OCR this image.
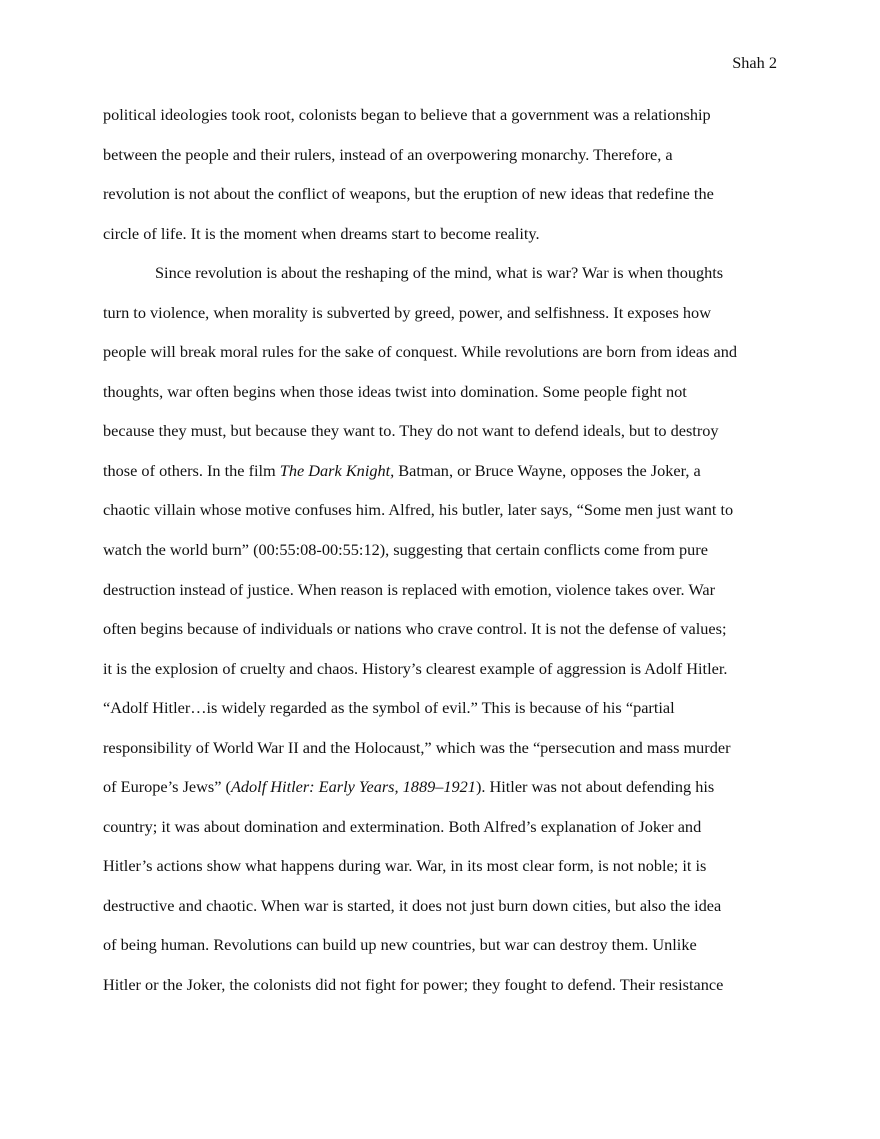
Shah 2
political ideologies took root, colonists began to believe that a government was a relationship
between the people and their rulers, instead of an overpowering monarchy. Therefore, a
revolution is not about the conflict of weapons, but the eruption of new ideas that redefine the
circle of life. It is the moment when dreams start to become reality.
Since revolution is about the reshaping of the mind, what is war? War is when thoughts
turn to violence, when morality is subverted by greed, power, and selfishness. It exposes how
people will break moral rules for the sake of conquest. While revolutions are born from ideas and
thoughts, war often begins when those ideas twist into domination. Some people fight not
because they must, but because they want to. They do not want to defend ideals, but to destroy
those of others. In the film The Dark Knight, Batman, or Bruce Wayne, opposes the Joker, a
chaotic villain whose motive confuses him. Alfred, his butler, later says, “Some men just want to
watch the world burn” (00:55:08-00:55:12), suggesting that certain conflicts come from pure
destruction instead of justice. When reason is replaced with emotion, violence takes over. War
often begins because of individuals or nations who crave control. It is not the defense of values;
it is the explosion of cruelty and chaos. History’s clearest example of aggression is Adolf Hitler.
“Adolf Hitler…is widely regarded as the symbol of evil.” This is because of his “partial
responsibility of World War II and the Holocaust,” which was the “persecution and mass murder
of Europe’s Jews” (Adolf Hitler: Early Years, 1889–1921). Hitler was not about defending his
country; it was about domination and extermination. Both Alfred’s explanation of Joker and
Hitler’s actions show what happens during war. War, in its most clear form, is not noble; it is
destructive and chaotic. When war is started, it does not just burn down cities, but also the idea
of being human. Revolutions can build up new countries, but war can destroy them. Unlike
Hitler or the Joker, the colonists did not fight for power; they fought to defend. Their resistance
